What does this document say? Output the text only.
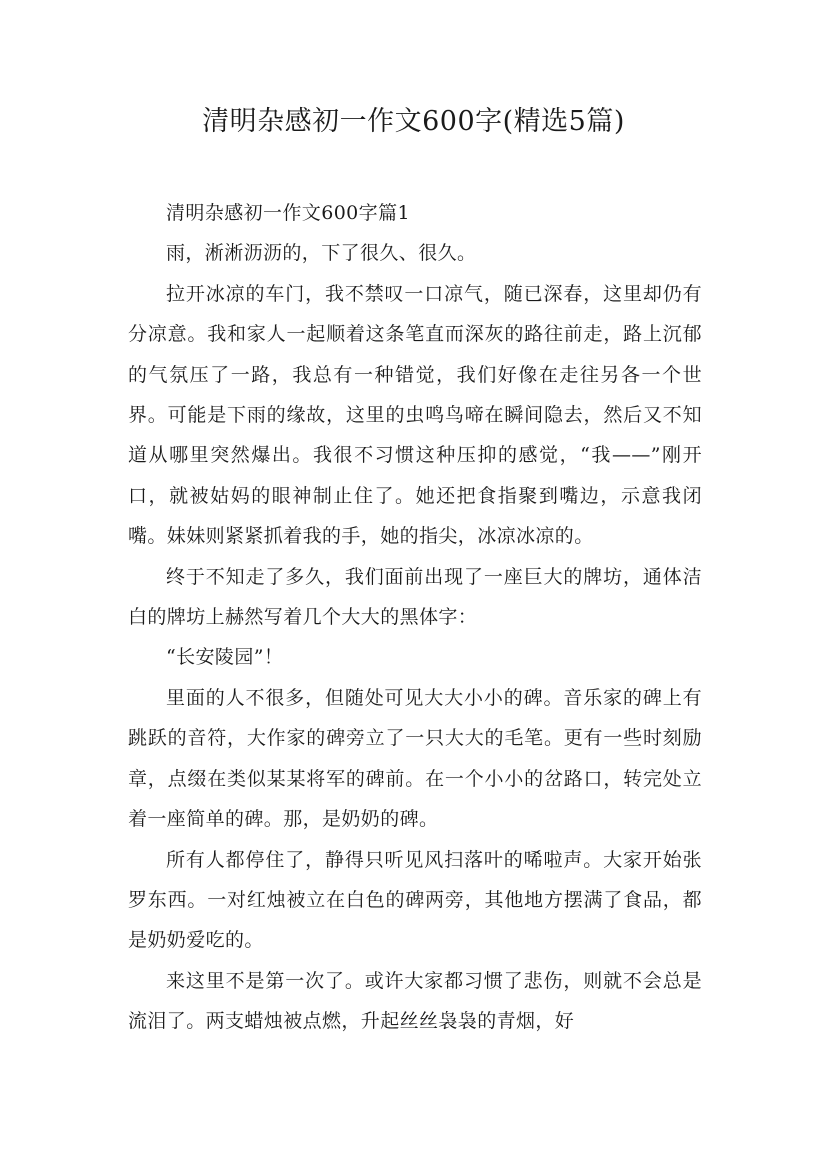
清明杂感初一作文600字(精选5篇)

清明杂感初一作文600字篇1

雨，淅淅沥沥的，下了很久、很久。

拉开冰凉的车门，我不禁叹一口凉气，随已深春，这里却仍有分凉意。我和家人一起顺着这条笔直而深灰的路往前走，路上沉郁的气氛压了一路，我总有一种错觉，我们好像在走往另各一个世界。可能是下雨的缘故，这里的虫鸣鸟啼在瞬间隐去，然后又不知道从哪里突然爆出。我很不习惯这种压抑的感觉，“我——”刚开口，就被姑妈的眼神制止住了。她还把食指聚到嘴边，示意我闭嘴。妹妹则紧紧抓着我的手，她的指尖，冰凉冰凉的。

终于不知走了多久，我们面前出现了一座巨大的牌坊，通体洁白的牌坊上赫然写着几个大大的黑体字：

“长安陵园”！

里面的人不很多，但随处可见大大小小的碑。音乐家的碑上有跳跃的音符，大作家的碑旁立了一只大大的毛笔。更有一些时刻励章，点缀在类似某某将军的碑前。在一个小小的岔路口，转完处立着一座简单的碑。那，是奶奶的碑。

所有人都停住了，静得只听见风扫落叶的唏啦声。大家开始张罗东西。一对红烛被立在白色的碑两旁，其他地方摆满了食品，都是奶奶爱吃的。

来这里不是第一次了。或许大家都习惯了悲伤，则就不会总是流泪了。两支蜡烛被点燃，升起丝丝袅袅的青烟，好
